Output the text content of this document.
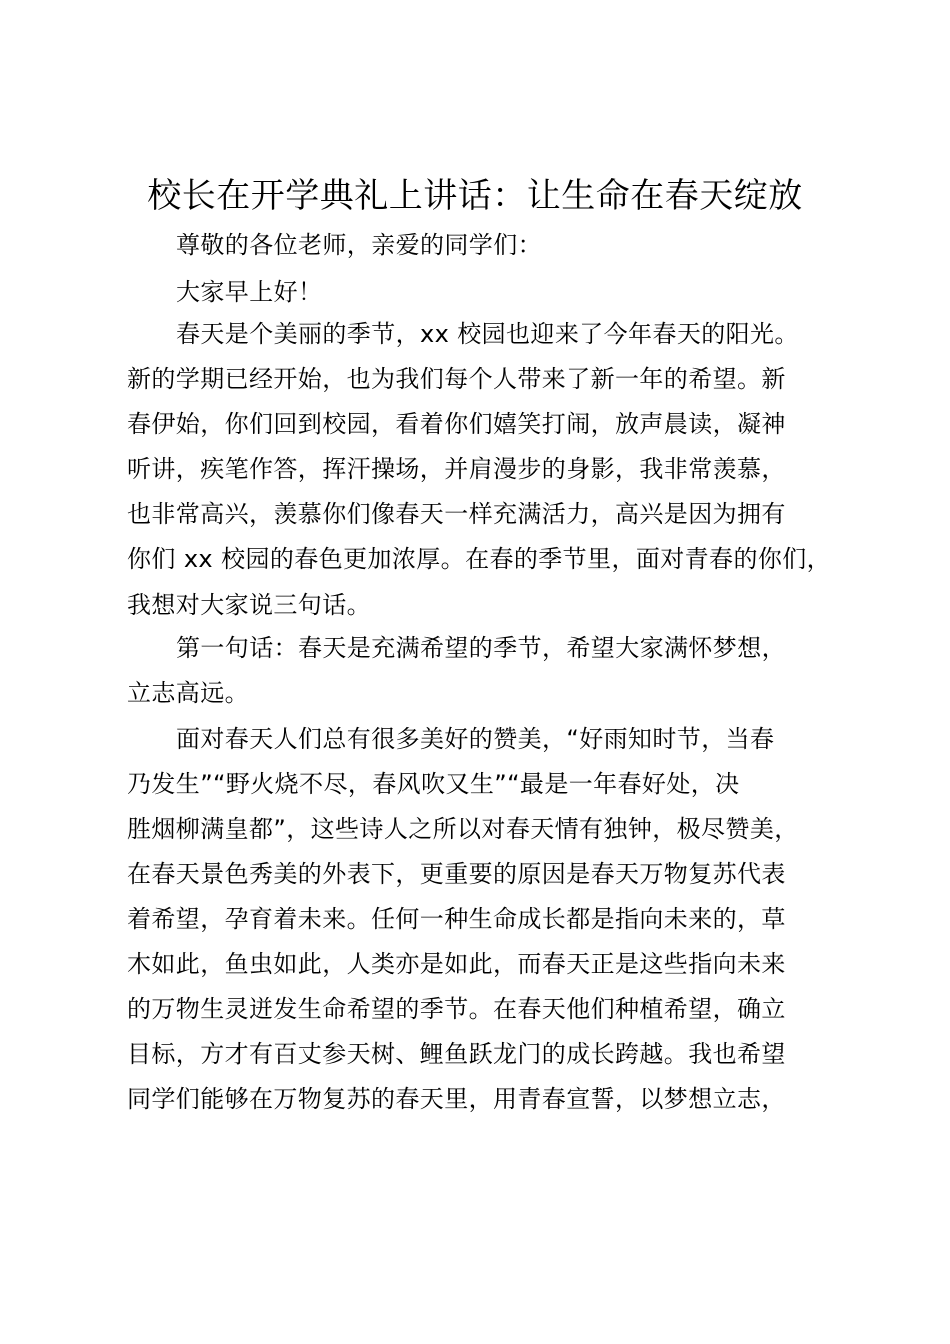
校长在开学典礼上讲话：让生命在春天绽放
尊敬的各位老师，亲爱的同学们：
大家早上好！
春天是个美丽的季节，xx 校园也迎来了今年春天的阳光。
新的学期已经开始，也为我们每个人带来了新一年的希望。新
春伊始，你们回到校园，看着你们嬉笑打闹，放声晨读，凝神
听讲，疾笔作答，挥汗操场，并肩漫步的身影，我非常羡慕，
也非常高兴，羡慕你们像春天一样充满活力，高兴是因为拥有
你们 xx 校园的春色更加浓厚。在春的季节里，面对青春的你们，
我想对大家说三句话。
第一句话：春天是充满希望的季节，希望大家满怀梦想，
立志高远。
面对春天人们总有很多美好的赞美，“好雨知时节，当春
乃发生”“野火烧不尽，春风吹又生”“最是一年春好处，决
胜烟柳满皇都”，这些诗人之所以对春天情有独钟，极尽赞美，
在春天景色秀美的外表下，更重要的原因是春天万物复苏代表
着希望，孕育着未来。任何一种生命成长都是指向未来的，草
木如此，鱼虫如此，人类亦是如此，而春天正是这些指向未来
的万物生灵迸发生命希望的季节。在春天他们种植希望，确立
目标，方才有百丈参天树、鲤鱼跃龙门的成长跨越。我也希望
同学们能够在万物复苏的春天里，用青春宣誓，以梦想立志，
